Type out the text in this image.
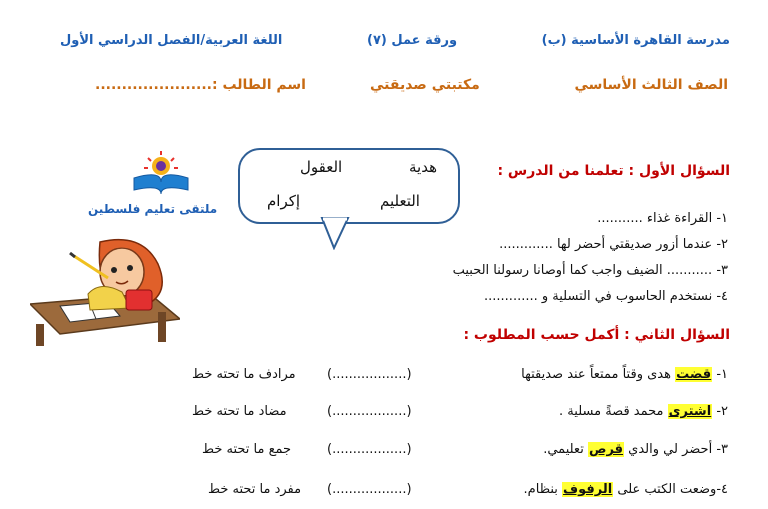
مدرسة القاهرة الأساسية (ب)
ورقة عمل (٧)
اللغة العربية/الفصل الدراسي الأول
الصف الثالث الأساسي
مكتبتي صديقتي
اسم الطالب :......................
ملتقى تعليم فلسطين
هدية
العقول
التعليم
إكرام
السؤال الأول : تعلمنا من الدرس :
١- القراءة غذاء ...........
٢- عندما أزور صديقتي أحضر لها .............
٣- ........... الضيف واجب كما أوصانا رسولنا الحبيب
٤- نستخدم الحاسوب في التسلية و .............
السؤال الثاني : أكمل حسب المطلوب :
١- قضت هدى وقتاً ممتعاً عند صديقتها
(..................)
مرادف ما تحته خط
٢- اشترى محمد قصةً مسلية .
(..................)
مضاد ما تحته خط
٣- أحضر لي والدي قرص تعليمي.
(..................)
جمع ما تحته خط
٤-وضعت الكتب على الرفوف بنظام.
(..................)
مفرد ما تحته خط
